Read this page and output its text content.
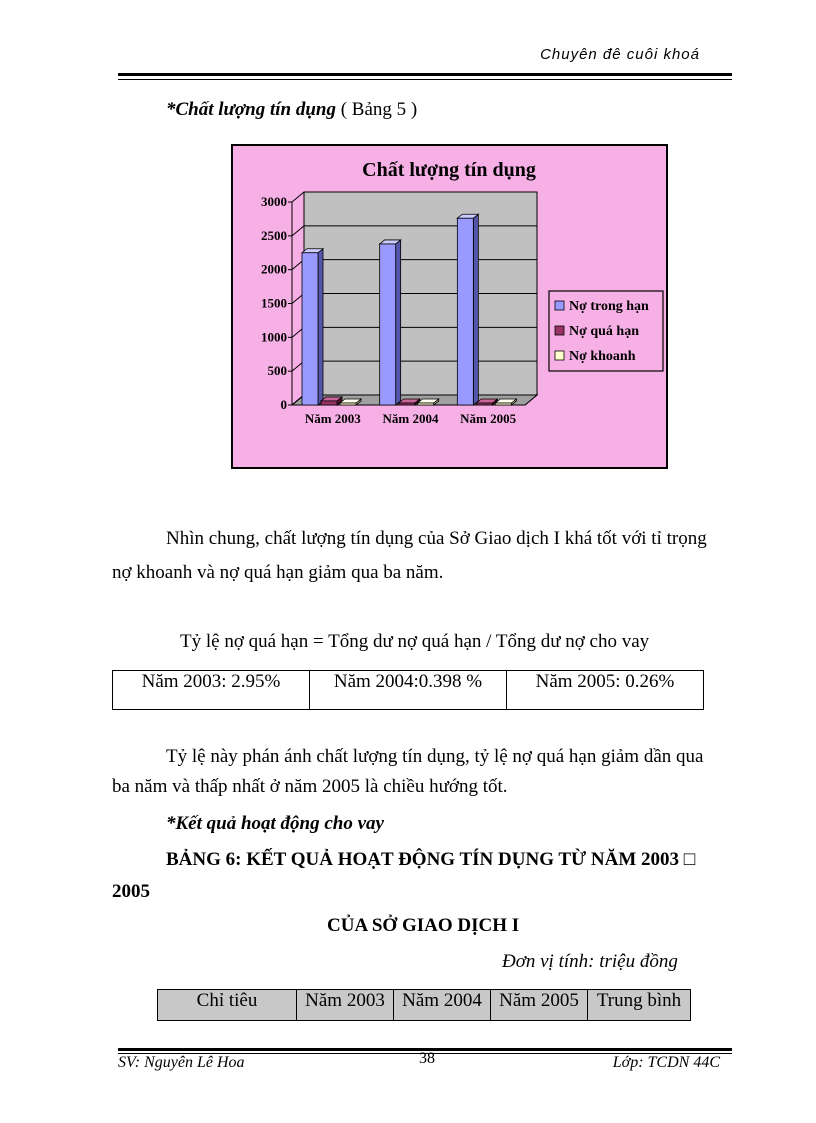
Chuyên đê cuôi khoá
*Chất lượng tín dụng ( Bảng 5 )
Chất lượng tín dụng
3000
2500
2000
1500
1000
500
0
Năm 2003 Năm 2004 Năm 2005
Nợ trong hạn
Nợ quá hạn
Nợ khoanh
Nhìn chung, chất lượng tín dụng của Sở Giao dịch I khá tốt với tỉ trọng
nợ khoanh và nợ quá hạn giảm qua ba năm.
Tỷ lệ nợ quá hạn = Tổng dư nợ quá hạn / Tổng dư nợ cho vay
Năm 2003: 2.95%	Năm 2004:0.398 %	Năm 2005: 0.26%
Tỷ lệ này phán ánh chất lượng tín dụng, tỷ lệ nợ quá hạn giảm dần qua
ba năm và thấp nhất ở năm 2005 là chiều hướng tốt.
*Kết quả hoạt động cho vay
BẢNG 6: KẾT QUẢ HOẠT ĐỘNG TÍN DỤNG TỪ NĂM 2003 □
2005
CỦA SỞ GIAO DỊCH I
Đơn vị tính: triệu đồng
Chỉ tiêu	Năm 2003	Năm 2004	Năm 2005	Trung bình
SV: Nguyên Lê Hoa	38	Lớp: TCDN 44C
